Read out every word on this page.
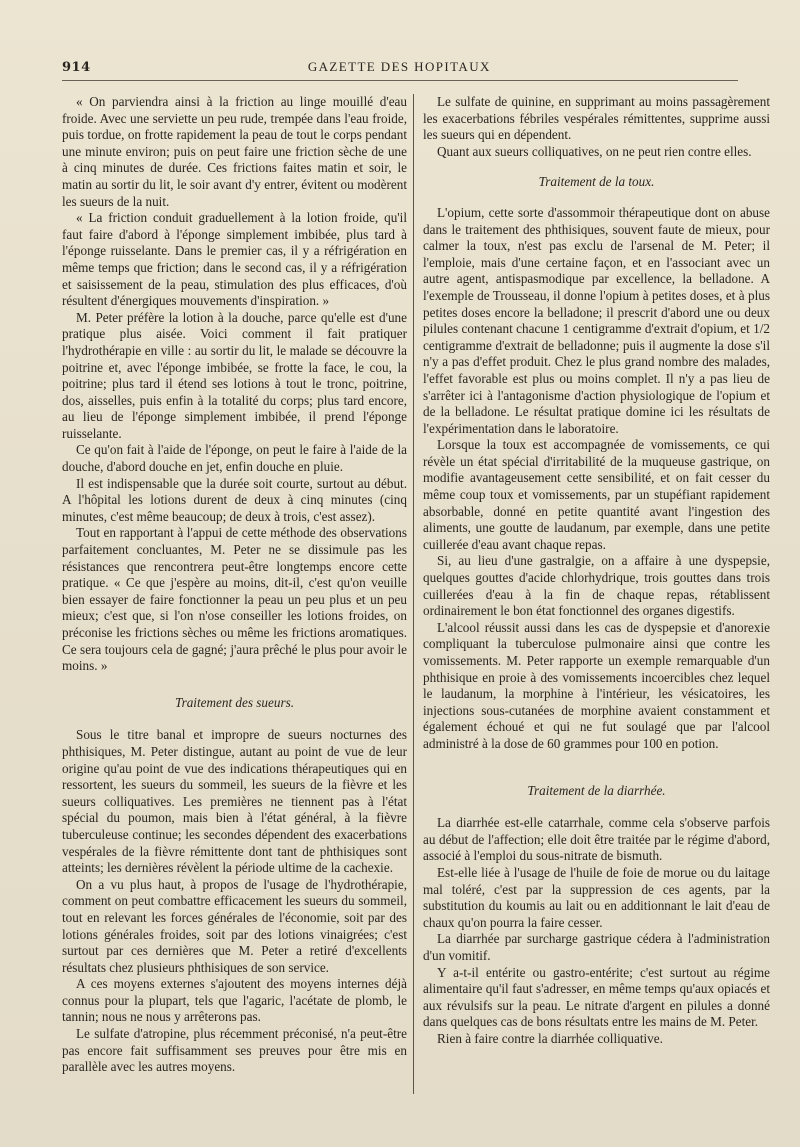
914	GAZETTE DES HOPITAUX

« On parviendra ainsi à la friction au linge mouillé d'eau froide. Avec une serviette un peu rude, trempée dans l'eau froide, puis tordue, on frotte rapidement la peau de tout le corps pendant une minute environ; puis on peut faire une friction sèche de une à cinq minutes de durée. Ces frictions faites matin et soir, le matin au sortir du lit, le soir avant d'y entrer, évitent ou modèrent les sueurs de la nuit.

« La friction conduit graduellement à la lotion froide, qu'il faut faire d'abord à l'éponge simplement imbibée, plus tard à l'éponge ruisselante. Dans le premier cas, il y a réfrigération en même temps que friction; dans le second cas, il y a réfrigération et saisissement de la peau, stimulation des plus efficaces, d'où résultent d'énergiques mouvements d'inspiration. »

M. Peter préfère la lotion à la douche, parce qu'elle est d'une pratique plus aisée. Voici comment il fait pratiquer l'hydrothérapie en ville : au sortir du lit, le malade se découvre la poitrine et, avec l'éponge imbibée, se frotte la face, le cou, la poitrine; plus tard il étend ses lotions à tout le tronc, poitrine, dos, aisselles, puis enfin à la totalité du corps; plus tard encore, au lieu de l'éponge simplement imbibée, il prend l'éponge ruisselante.

Ce qu'on fait à l'aide de l'éponge, on peut le faire à l'aide de la douche, d'abord douche en jet, enfin douche en pluie.

Il est indispensable que la durée soit courte, surtout au début. A l'hôpital les lotions durent de deux à cinq minutes (cinq minutes, c'est même beaucoup; de deux à trois, c'est assez).

Tout en rapportant à l'appui de cette méthode des observations parfaitement concluantes, M. Peter ne se dissimule pas les résistances que rencontrera peut-être longtemps encore cette pratique. « Ce que j'espère au moins, dit-il, c'est qu'on veuille bien essayer de faire fonctionner la peau un peu plus et un peu mieux; c'est que, si l'on n'ose conseiller les lotions froides, on préconise les frictions sèches ou même les frictions aromatiques. Ce sera toujours cela de gagné; j'aura prêché le plus pour avoir le moins. »

Traitement des sueurs.

Sous le titre banal et impropre de sueurs nocturnes des phthisiques, M. Peter distingue, autant au point de vue de leur origine qu'au point de vue des indications thérapeutiques qui en ressortent, les sueurs du sommeil, les sueurs de la fièvre et les sueurs colliquatives. Les premières ne tiennent pas à l'état spécial du poumon, mais bien à l'état général, à la fièvre tuberculeuse continue; les secondes dépendent des exacerbations vespérales de la fièvre rémittente dont tant de phthisiques sont atteints; les dernières révèlent la période ultime de la cachexie.

On a vu plus haut, à propos de l'usage de l'hydrothérapie, comment on peut combattre efficacement les sueurs du sommeil, tout en relevant les forces générales de l'économie, soit par des lotions générales froides, soit par des lotions vinaigrées; c'est surtout par ces dernières que M. Peter a retiré d'excellents résultats chez plusieurs phthisiques de son service.

A ces moyens externes s'ajoutent des moyens internes déjà connus pour la plupart, tels que l'agaric, l'acétate de plomb, le tannin; nous ne nous y arrêterons pas.

Le sulfate d'atropine, plus récemment préconisé, n'a peut-être pas encore fait suffisamment ses preuves pour être mis en parallèle avec les autres moyens.

Le sulfate de quinine, en supprimant au moins passagèrement les exacerbations fébriles vespérales rémittentes, supprime aussi les sueurs qui en dépendent.

Quant aux sueurs colliquatives, on ne peut rien contre elles.

Traitement de la toux.

L'opium, cette sorte d'assommoir thérapeutique dont on abuse dans le traitement des phthisiques, souvent faute de mieux, pour calmer la toux, n'est pas exclu de l'arsenal de M. Peter; il l'emploie, mais d'une certaine façon, et en l'associant avec un autre agent, antispasmodique par excellence, la belladone. A l'exemple de Trousseau, il donne l'opium à petites doses, et à plus petites doses encore la belladone; il prescrit d'abord une ou deux pilules contenant chacune 1 centigramme d'extrait d'opium, et 1/2 centigramme d'extrait de belladonne; puis il augmente la dose s'il n'y a pas d'effet produit. Chez le plus grand nombre des malades, l'effet favorable est plus ou moins complet. Il n'y a pas lieu de s'arrêter ici à l'antagonisme d'action physiologique de l'opium et de la belladone. Le résultat pratique domine ici les résultats de l'expérimentation dans le laboratoire.

Lorsque la toux est accompagnée de vomissements, ce qui révèle un état spécial d'irritabilité de la muqueuse gastrique, on modifie avantageusement cette sensibilité, et on fait cesser du même coup toux et vomissements, par un stupéfiant rapidement absorbable, donné en petite quantité avant l'ingestion des aliments, une goutte de laudanum, par exemple, dans une petite cuillerée d'eau avant chaque repas.

Si, au lieu d'une gastralgie, on a affaire à une dyspepsie, quelques gouttes d'acide chlorhydrique, trois gouttes dans trois cuillerées d'eau à la fin de chaque repas, rétablissent ordinairement le bon état fonctionnel des organes digestifs.

L'alcool réussit aussi dans les cas de dyspepsie et d'anorexie compliquant la tuberculose pulmonaire ainsi que contre les vomissements. M. Peter rapporte un exemple remarquable d'un phthisique en proie à des vomissements incoercibles chez lequel le laudanum, la morphine à l'intérieur, les vésicatoires, les injections sous-cutanées de morphine avaient constamment et également échoué et qui ne fut soulagé que par l'alcool administré à la dose de 60 grammes pour 100 en potion.

Traitement de la diarrhée.

La diarrhée est-elle catarrhale, comme cela s'observe parfois au début de l'affection; elle doit être traitée par le régime d'abord, associé à l'emploi du sous-nitrate de bismuth.

Est-elle liée à l'usage de l'huile de foie de morue ou du laitage mal toléré, c'est par la suppression de ces agents, par la substitution du koumis au lait ou en additionnant le lait d'eau de chaux qu'on pourra la faire cesser.

La diarrhée par surcharge gastrique cédera à l'administration d'un vomitif.

Y a-t-il entérite ou gastro-entérite; c'est surtout au régime alimentaire qu'il faut s'adresser, en même temps qu'aux opiacés et aux révulsifs sur la peau. Le nitrate d'argent en pilules a donné dans quelques cas de bons résultats entre les mains de M. Peter.

Rien à faire contre la diarrhée colliquative.
